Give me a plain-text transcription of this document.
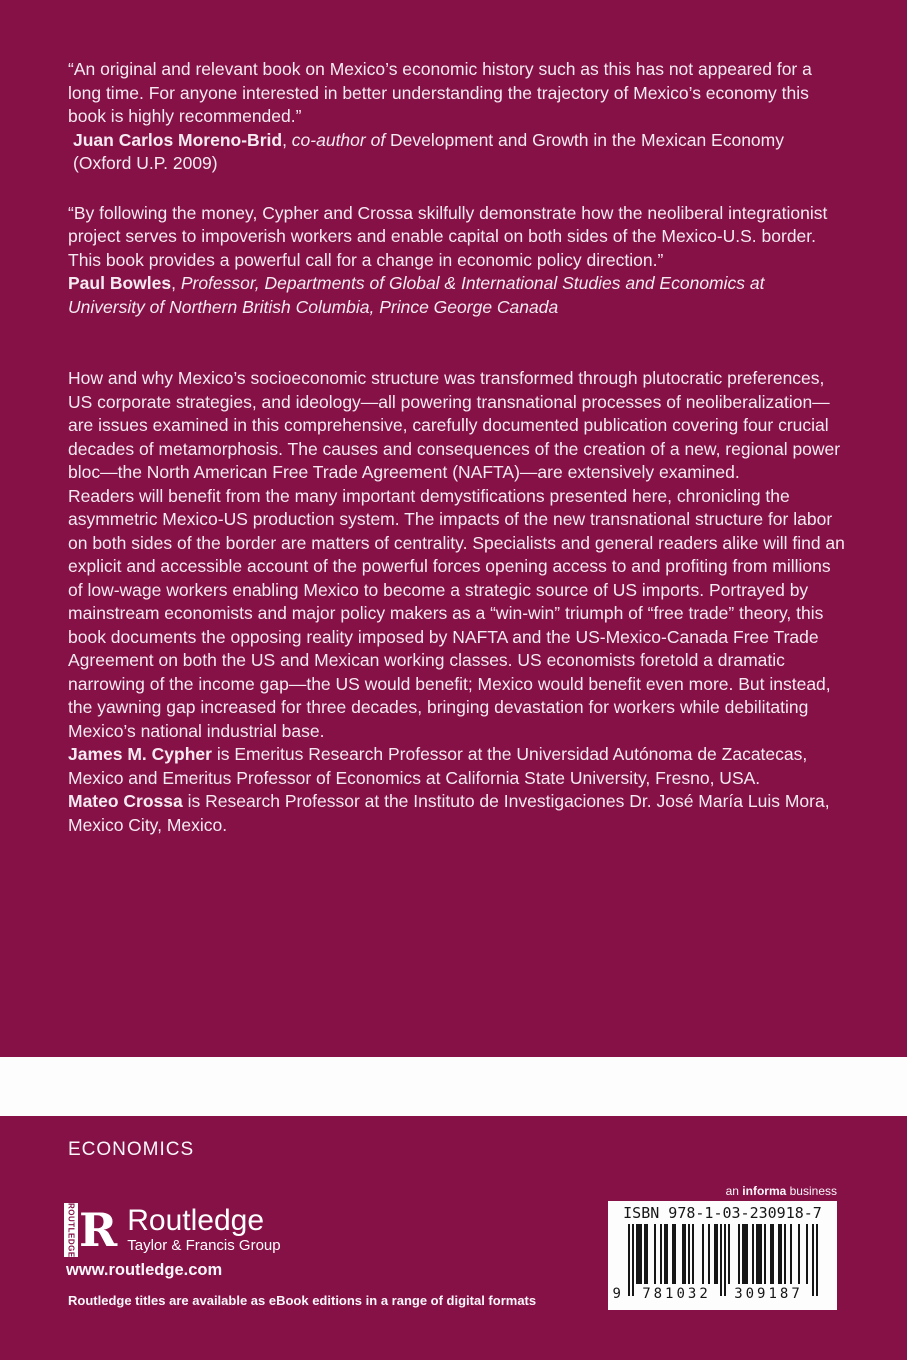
“An original and relevant book on Mexico’s economic history such as this has not appeared for a long time. For anyone interested in better understanding the trajectory of Mexico’s economy this book is highly recommended.”

Juan Carlos Moreno-Brid, co-author of Development and Growth in the Mexican Economy (Oxford U.P. 2009)

“By following the money, Cypher and Crossa skilfully demonstrate how the neoliberal integrationist project serves to impoverish workers and enable capital on both sides of the Mexico-U.S. border. This book provides a powerful call for a change in economic policy direction.”

Paul Bowles, Professor, Departments of Global & International Studies and Economics at University of Northern British Columbia, Prince George Canada

How and why Mexico’s socioeconomic structure was transformed through plutocratic preferences, US corporate strategies, and ideology—all powering transnational processes of neoliberalization—are issues examined in this comprehensive, carefully documented publication covering four crucial decades of metamorphosis. The causes and consequences of the creation of a new, regional power bloc—the North American Free Trade Agreement (NAFTA)—are extensively examined.

Readers will benefit from the many important demystifications presented here, chronicling the asymmetric Mexico-US production system. The impacts of the new transnational structure for labor on both sides of the border are matters of centrality. Specialists and general readers alike will find an explicit and accessible account of the powerful forces opening access to and profiting from millions of low-wage workers enabling Mexico to become a strategic source of US imports. Portrayed by mainstream economists and major policy makers as a “win-win” triumph of “free trade” theory, this book documents the opposing reality imposed by NAFTA and the US-Mexico-Canada Free Trade Agreement on both the US and Mexican working classes. US economists foretold a dramatic narrowing of the income gap—the US would benefit; Mexico would benefit even more. But instead, the yawning gap increased for three decades, bringing devastation for workers while debilitating Mexico’s national industrial base.

James M. Cypher is Emeritus Research Professor at the Universidad Autónoma de Zacatecas, Mexico and Emeritus Professor of Economics at California State University, Fresno, USA.

Mateo Crossa is Research Professor at the Instituto de Investigaciones Dr. José María Luis Mora, Mexico City, Mexico.

ECONOMICS
an informa business
ISBN 978-1-03-230918-7
9	781032	309187
ROUTLEDGE R Routledge
Taylor & Francis Group
www.routledge.com
Routledge titles are available as eBook editions in a range of digital formats
